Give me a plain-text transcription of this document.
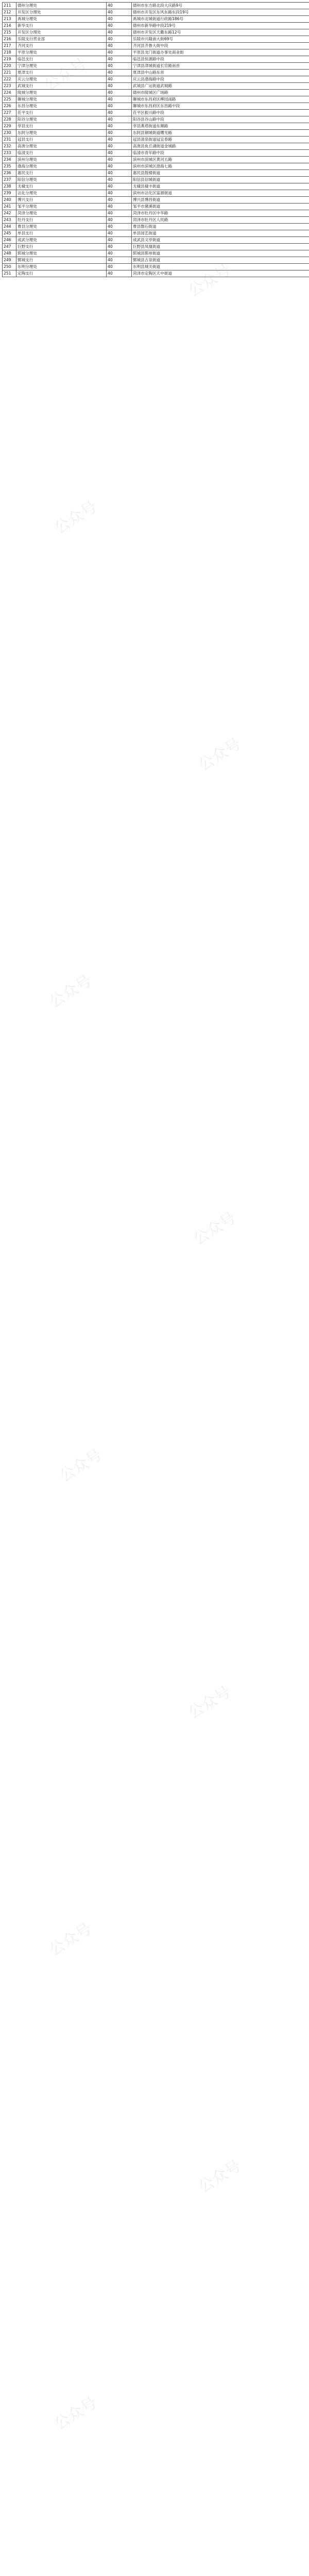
公众号
公众号
公众号
公众号
公众号
公众号
公众号
公众号
公众号
公众号
公众号
211	德州分理处	40	德州市东方路北段大庆路9号
212	开发区分理处	40	德州市开发区东风东路东段19号
213	禹城分理处	40	禹城市北城街道行政路186号
214	新华支行	40	德州市新华路中段219号
215	开发区分理处	40	德州市开发区天衢东路12号
216	乐陵支行营业部	40	乐陵市兴隆南大街69号
217	齐河支行	40	齐河县齐鲁大街中段
218	平原分理处	40	平原县龙门街道办事处商业街
219	临邑支行	40	临邑县恒源路中段
220	宁津分理处	40	宁津县津城街道长官路南首
221	夏津支行	40	夏津县中山路东首
222	庆云分理处	40	庆云县渤海路中段
223	武城支行	40	武城县广运街道武城路
224	陵城分理处	40	德州市陵城区广场路
225	聊城分理处	40	聊城市东昌府区柳园南路
226	东昌分理处	40	聊城市东昌府区东昌路中段
227	茌平支行	40	茌平区振兴路中段
228	阳谷分理处	40	阳谷县谷山路中段
229	莘县支行	40	莘县燕塔街道东顺路
230	东阿分理处	40	东阿县铜城街道曙光路
231	冠县支行	40	冠县清泉街道冠宜春路
232	高唐分理处	40	高唐县鱼丘湖街道金城路
233	临清支行	40	临清市青年路中段
234	滨州分理处	40	滨州市滨城区黄河五路
235	渤海分理处	40	滨州市滨城区渤海七路
236	惠民支行	40	惠民县鼓楼街道
237	阳信分理处	40	阳信县信城街道
238	无棣支行	40	无棣县棣丰街道
239	沾化分理处	40	滨州市沾化区富源街道
240	博兴支行	40	博兴县博昌街道
241	邹平分理处	40	邹平市黛溪街道
242	菏泽分理处	40	菏泽市牡丹区中华路
243	牡丹支行	40	菏泽市牡丹区人民路
244	曹县分理处	40	曹县磐石街道
245	单县支行	40	单县园艺街道
246	成武分理处	40	成武县文亭街道
247	巨野支行	40	巨野县凤凰街道
248	郓城分理处	40	郓城县郓州街道
249	鄄城支行	40	鄄城县古泉街道
250	东明分理处	40	东明县城关街道
251	定陶支行	40	菏泽市定陶区天中街道
